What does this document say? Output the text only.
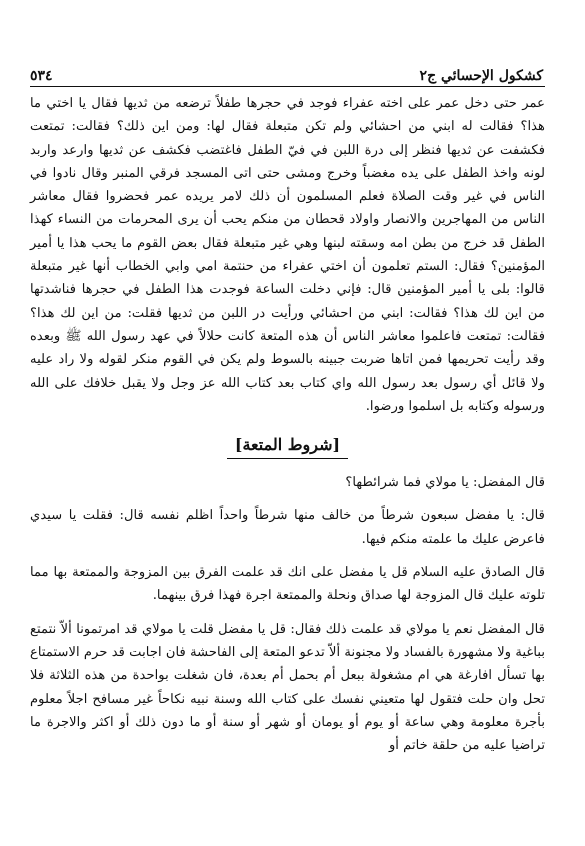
كشكول الإحسائي ج٢
٥٣٤

عمر حتى دخل عمر على اخته عفراء فوجد في حجرها طفلاً ترضعه من ثديها فقال يا اختي ما هذا؟ فقالت له ابني من احشائي ولم تكن متبعلة فقال لها: ومن اين ذلك؟ فقالت: تمتعت فكشفت عن ثديها فنظر إلى درة اللبن في فيّ الطفل فاغتضب فكشف عن ثديها وارعد واربد لونه واخذ الطفل على يده مغضباً وخرج ومشى حتى اتى المسجد فرقي المنبر وقال نادوا في الناس في غير وقت الصلاة فعلم المسلمون أن ذلك لامر يريده عمر فحضروا فقال معاشر الناس من المهاجرين والانصار واولاد قحطان من منكم يحب أن يرى المحرمات من النساء كهذا الطفل قد خرج من بطن امه وسقته لبنها وهي غير متبعلة فقال بعض القوم ما يحب هذا يا أمير المؤمنين؟ فقال: الستم تعلمون أن اختي عفراء من حنتمة امي وابي الخطاب أنها غير متبعلة قالوا: بلى يا أمير المؤمنين قال: فإني دخلت الساعة فوجدت هذا الطفل في حجرها فناشدتها من اين لك هذا؟ فقالت: ابني من احشائي ورأيت در اللبن من ثديها فقلت: من اين لك هذا؟ فقالت: تمتعت فاعلموا معاشر الناس أن هذه المتعة كانت حلالاً في عهد رسول الله ﷺ وبعده وقد رأيت تحريمها فمن اتاها ضربت جبينه بالسوط ولم يكن في القوم منكر لقوله ولا راد عليه ولا قائل أي رسول بعد رسول الله واي كتاب بعد كتاب الله عز وجل ولا يقبل خلافك على الله ورسوله وكتابه بل اسلموا ورضوا.

[شروط المتعة]

قال المفضل: يا مولاي فما شرائطها؟

قال: يا مفضل سبعون شرطاً من خالف منها شرطاً واحداً اظلم نفسه قال: فقلت يا سيدي فاعرض عليك ما علمته منكم فيها.

قال الصادق عليه السلام قل يا مفضل على انك قد علمت الفرق بين المزوجة والممتعة بها مما تلوته عليك قال المزوجة لها صداق ونحلة والممتعة اجرة فهذا فرق بينهما.

قال المفضل نعم يا مولاي قد علمت ذلك فقال: قل يا مفضل قلت يا مولاي قد امرتمونا ألاّ نتمتع بباغية ولا مشهورة بالفساد ولا مجنونة ألاّ تدعو المتعة إلى الفاحشة فان اجابت قد حرم الاستمتاع بها تسأل افارغة هي ام مشغولة ببعل أم بحمل أم بعدة، فان شغلت بواحدة من هذه الثلاثة فلا تحل وان حلت فتقول لها متعيني نفسك على كتاب الله وسنة نبيه نكاحاً غير مسافح اجلاً معلوم بأجرة معلومة وهي ساعة أو يوم أو يومان أو شهر أو سنة أو ما دون ذلك أو اكثر والاجرة ما تراضيا عليه من حلقة خاتم أو
